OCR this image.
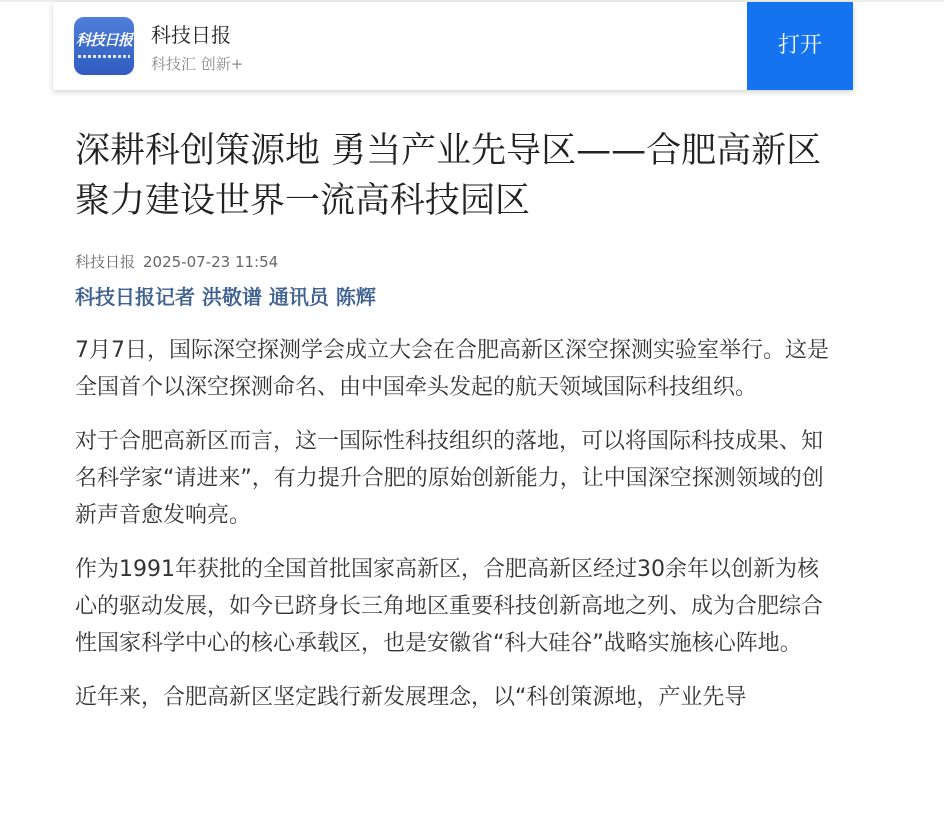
科技日报 科技日报
科技汇 创新+
打开
深耕科创策源地 勇当产业先导区——合肥高新区
聚力建设世界一流高科技园区
科技日报 2025-07-23 11:54
科技日报记者 洪敬谱 通讯员 陈辉

7月7日，国际深空探测学会成立大会在合肥高新区深空探测实验室举行。这是全国首个以深空探测命名、由中国牵头发起的航天领域国际科技组织。

对于合肥高新区而言，这一国际性科技组织的落地，可以将国际科技成果、知名科学家“请进来”，有力提升合肥的原始创新能力，让中国深空探测领域的创新声音愈发响亮。

作为1991年获批的全国首批国家高新区，合肥高新区经过30余年以创新为核心的驱动发展，如今已跻身长三角地区重要科技创新高地之列、成为合肥综合性国家科学中心的核心承载区，也是安徽省“科大硅谷”战略实施核心阵地。

近年来，合肥高新区坚定践行新发展理念，以“科创策源地，产业先导
